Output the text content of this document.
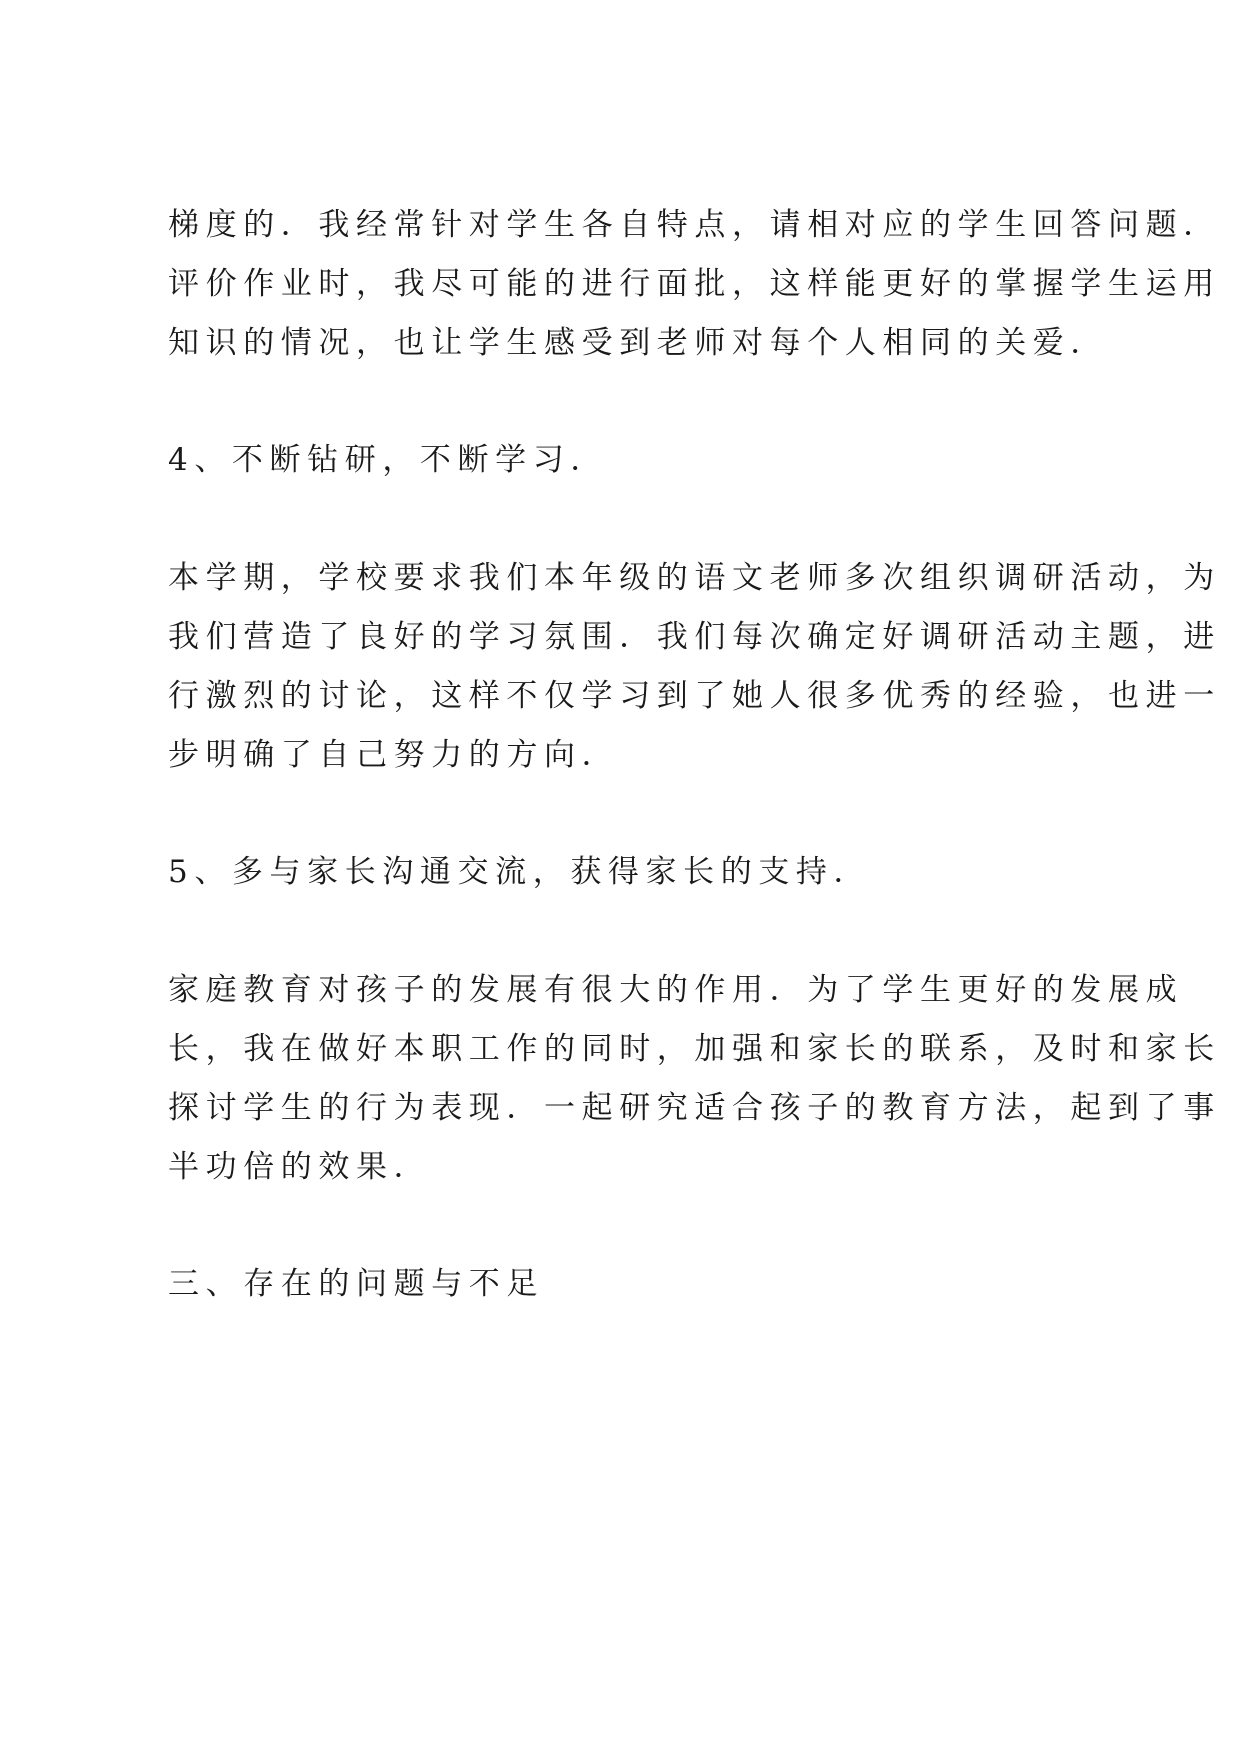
梯度的．我经常针对学生各自特点，请相对应的学生回答问题．

评价作业时，我尽可能的进行面批，这样能更好的掌握学生运用

知识的情况，也让学生感受到老师对每个人相同的关爱．

4、不断钻研，不断学习．

本学期，学校要求我们本年级的语文老师多次组织调研活动，为

我们营造了良好的学习氛围．我们每次确定好调研活动主题，进

行激烈的讨论，这样不仅学习到了她人很多优秀的经验，也进一

步明确了自己努力的方向．

5、多与家长沟通交流，获得家长的支持．

家庭教育对孩子的发展有很大的作用．为了学生更好的发展成

长，我在做好本职工作的同时，加强和家长的联系，及时和家长

探讨学生的行为表现．一起研究适合孩子的教育方法，起到了事

半功倍的效果．

三、存在的问题与不足
